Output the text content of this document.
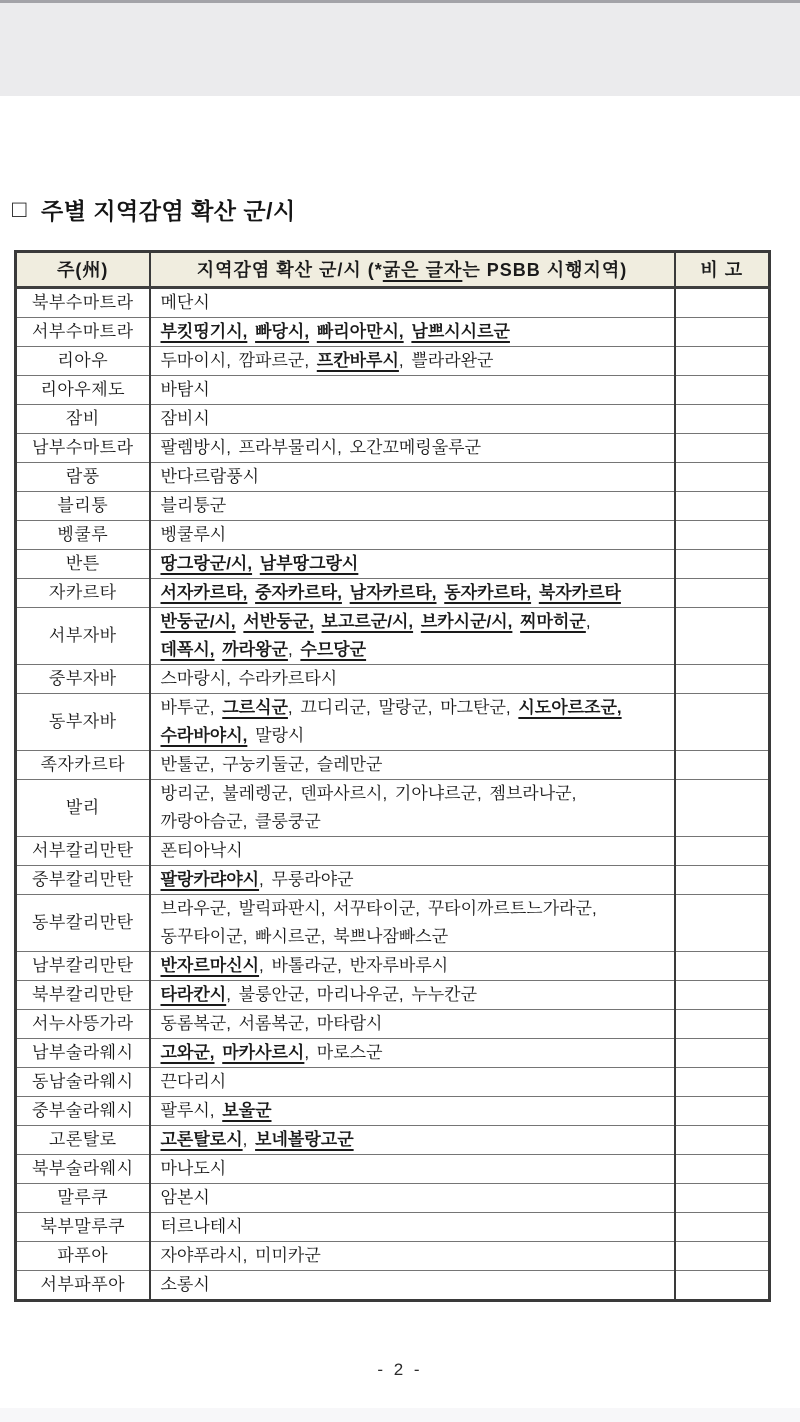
□ 주별 지역감염 확산 군/시
주(州)	지역감염 확산 군/시 (*굵은 글자는 PSBB 시행지역)	비 고
북부수마트라	메단시	
서부수마트라	부킷띵기시, 빠당시, 빠리아만시, 남쁘시시르군	
리아우	두마이시, 깜파르군, 프칸바루시, 쁠라라완군	
리아우제도	바탐시	
잠비	잠비시	
남부수마트라	팔렘방시, 프라부물리시, 오간꼬메링울루군	
람풍	반다르람풍시	
블리퉁	블리퉁군	
벵쿨루	벵쿨루시	
반튼	땅그랑군/시, 남부땅그랑시	
자카르타	서자카르타, 중자카르타, 남자카르타, 동자카르타, 북자카르타	
서부자바	반둥군/시, 서반둥군, 보고르군/시, 브카시군/시, 찌마히군,
데폭시, 까라왕군, 수므당군	
중부자바	스마랑시, 수라카르타시	
동부자바	바투군, 그르식군, 끄디리군, 말랑군, 마그탄군, 시도아르조군,
수라바야시, 말랑시	
족자카르타	반툴군, 구눙키둘군, 슬레만군	
발리	방리군, 불레렝군, 덴파사르시, 기아냐르군, 젬브라나군,
까랑아슴군, 클룽쿵군	
서부칼리만탄	폰티아낙시	
중부칼리만탄	팔랑카랴야시, 무룽라야군	
동부칼리만탄	브라우군, 발릭파판시, 서꾸타이군, 꾸타이까르트느가라군,
동꾸타이군, 빠시르군, 북쁘나잠빠스군	
남부칼리만탄	반자르마신시, 바톨라군, 반자루바루시	
북부칼리만탄	타라칸시, 불룽안군, 마리나우군, 누누칸군	
서누사뜽가라	동롬복군, 서롬복군, 마타람시	
남부술라웨시	고와군, 마카사르시, 마로스군	
동남술라웨시	끈다리시	
중부술라웨시	팔루시, 보울군	
고론탈로	고론탈로시, 보네볼랑고군	
북부술라웨시	마나도시	
말루쿠	암본시	
북부말루쿠	터르나테시	
파푸아	자야푸라시, 미미카군	
서부파푸아	소롱시	
- 2 -
